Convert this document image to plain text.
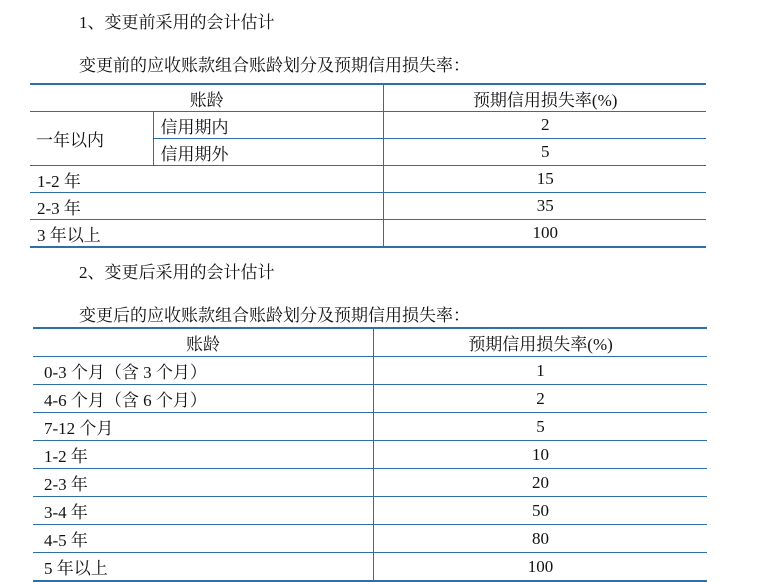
1、变更前采用的会计估计
变更前的应收账款组合账龄划分及预期信用损失率：
账龄		预期信用损失率(%)
一年以内	信用期内	2
	信用期外	5
1-2 年		15
2-3 年		35
3 年以上		100
2、变更后采用的会计估计
变更后的应收账款组合账龄划分及预期信用损失率：
账龄	预期信用损失率(%)
0-3 个月（含 3 个月）	1
4-6 个月（含 6 个月）	2
7-12 个月	5
1-2 年	10
2-3 年	20
3-4 年	50
4-5 年	80
5 年以上	100
